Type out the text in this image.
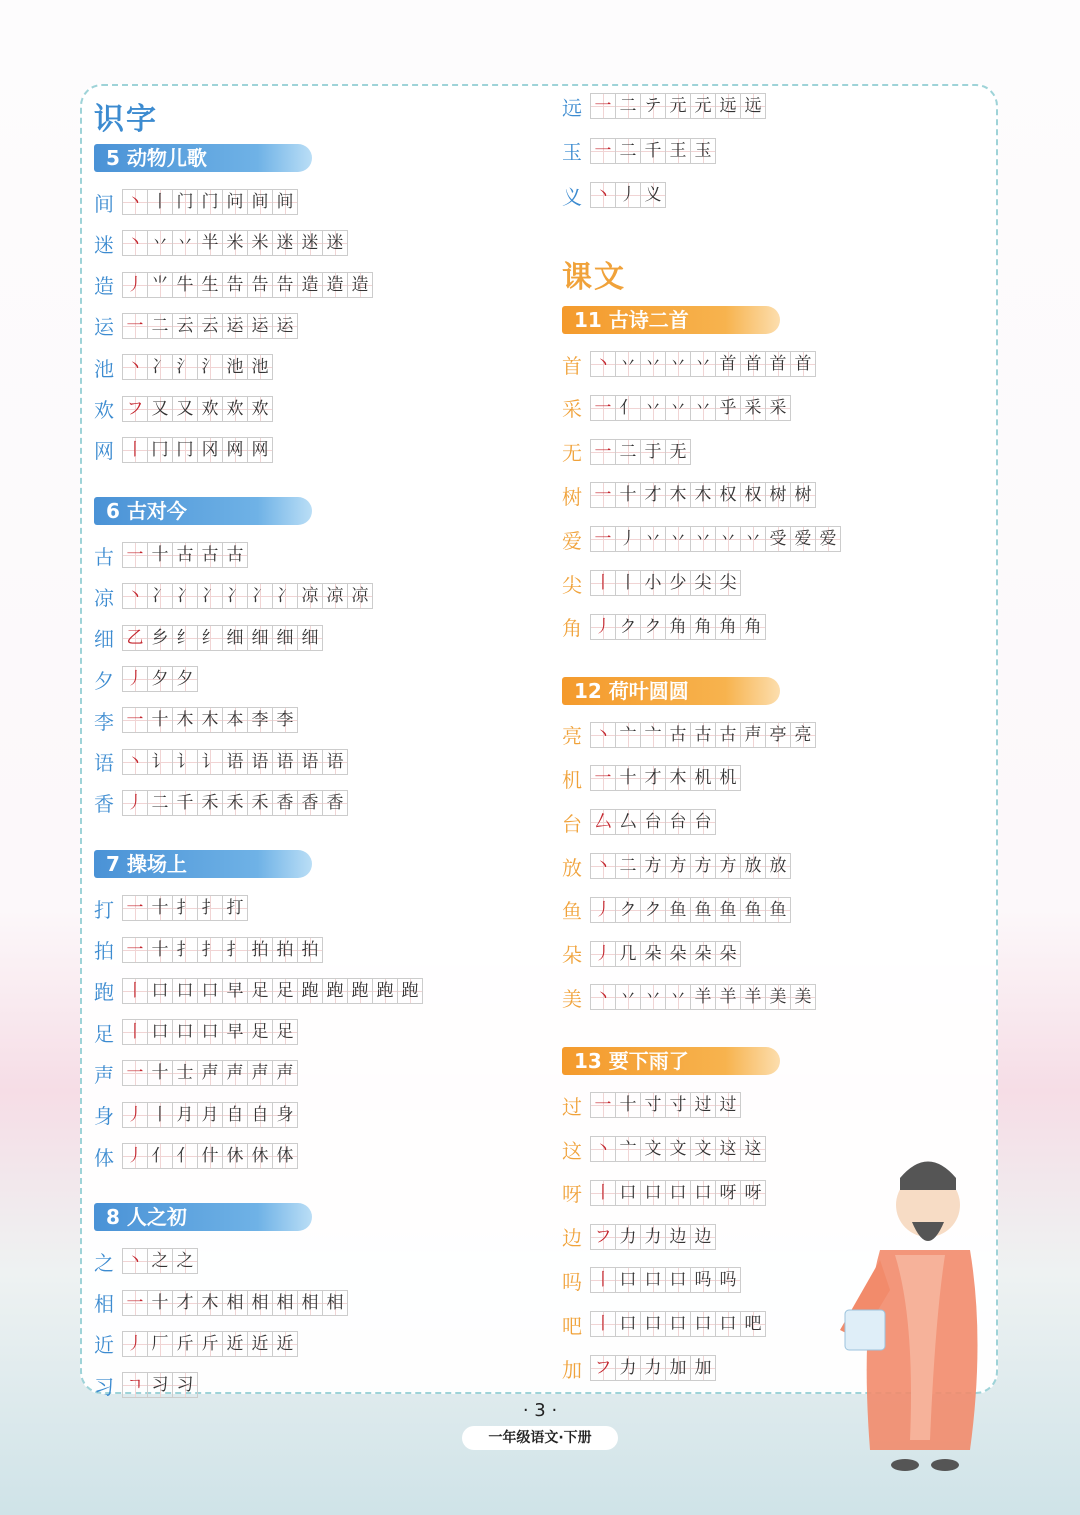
识字
课文
5 动物儿歌
间 丶 丨 门 门 问 间 间
迷 丶 丷 丷 半 米 米 迷 迷 迷
造 丿 ⺌ 牛 生 告 告 告 造 造 造
运 一 二 云 云 运 运 运
池 丶 冫 氵 氵 池 池
欢 フ 又 又 欢 欢 欢
网 丨 冂 冂 冈 网 网
6 古对今
古 一 十 古 古 古
凉 丶 冫 冫 冫 冫 冫 冫 凉 凉 凉
细 乙 乡 纟 纟 细 细 细 细
夕 丿 夕 夕
李 一 十 木 木 本 李 李
语 丶 讠 讠 讠 语 语 语 语 语
香 丿 二 千 禾 禾 禾 香 香 香
7 操场上
打 一 十 扌 扌 打
拍 一 十 扌 扌 扌 拍 拍 拍
跑 丨 口 口 口 早 足 足 跑 跑 跑 跑 跑
足 丨 口 口 口 早 足 足
声 一 十 士 声 声 声 声
身 丿 丨 月 月 自 自 身
体 丿 亻 亻 什 休 休 体
8 人之初
之 丶 之 之
相 一 十 才 木 相 相 相 相 相
近 丿 厂 斤 斤 近 近 近
习 ㄱ 习 习
远 一 二 テ 元 元 远 远
玉 一 二 千 王 玉
义 丶 丿 义
11 古诗二首
首 丶 丷 丷 丷 丷 首 首 首 首
采 一 亻 丷 丷 丷 乎 采 采
无 一 二 于 无
树 一 十 才 木 木 权 权 树 树
爱 一 丿 丷 丷 丷 丷 丷 受 爱 爱
尖 丨 丨 小 少 尖 尖
角 丿 ク ク 角 角 角 角
12 荷叶圆圆
亮 丶 亠 亠 古 古 古 声 亭 亮
机 一 十 才 木 机 机
台 厶 厶 台 台 台
放 丶 二 方 方 方 方 放 放
鱼 丿 ク ク 鱼 鱼 鱼 鱼 鱼
朵 丿 几 朵 朵 朵 朵
美 丶 丷 丷 丷 羊 羊 羊 美 美
13 要下雨了
过 一 十 寸 寸 过 过
这 丶 亠 文 文 文 这 这
呀 丨 口 口 口 口 呀 呀
边 フ 力 力 边 边
吗 丨 口 口 口 吗 吗
吧 丨 口 口 口 口 口 吧
加 フ 力 力 加 加
· 3 ·
一年级语文·下册
